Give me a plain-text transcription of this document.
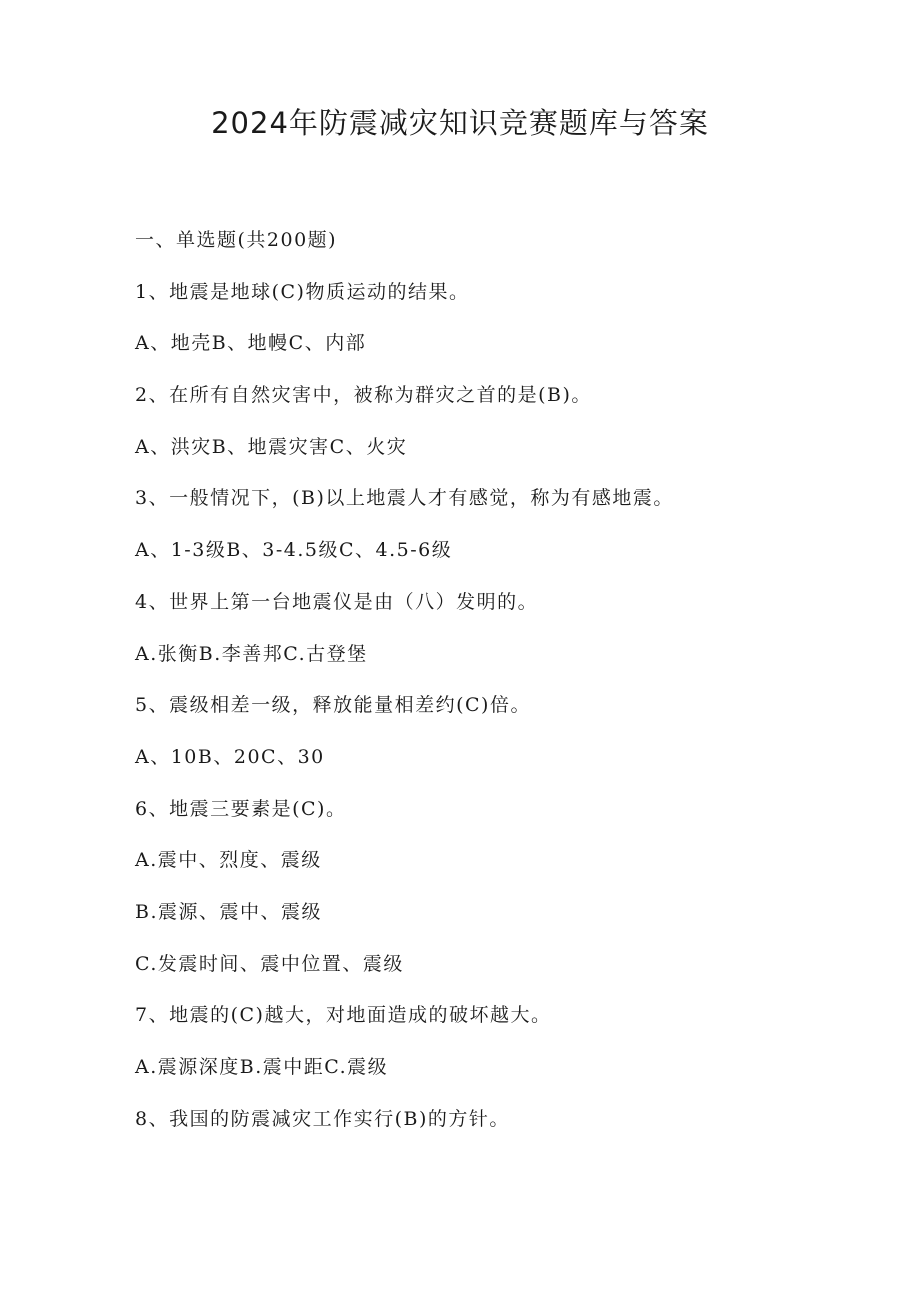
2024年防震减灾知识竞赛题库与答案
一、单选题(共200题)
1、地震是地球(C)物质运动的结果。
A、地壳B、地幔C、内部
2、在所有自然灾害中，被称为群灾之首的是(B)。
A、洪灾B、地震灾害C、火灾
3、一般情况下，(B)以上地震人才有感觉，称为有感地震。
A、1-3级B、3-4.5级C、4.5-6级
4、世界上第一台地震仪是由（八）发明的。
A.张衡B.李善邦C.古登堡
5、震级相差一级，释放能量相差约(C)倍。
A、10B、20C、30
6、地震三要素是(C)。
A.震中、烈度、震级
B.震源、震中、震级
C.发震时间、震中位置、震级
7、地震的(C)越大，对地面造成的破坏越大。
A.震源深度B.震中距C.震级
8、我国的防震减灾工作实行(B)的方针。
